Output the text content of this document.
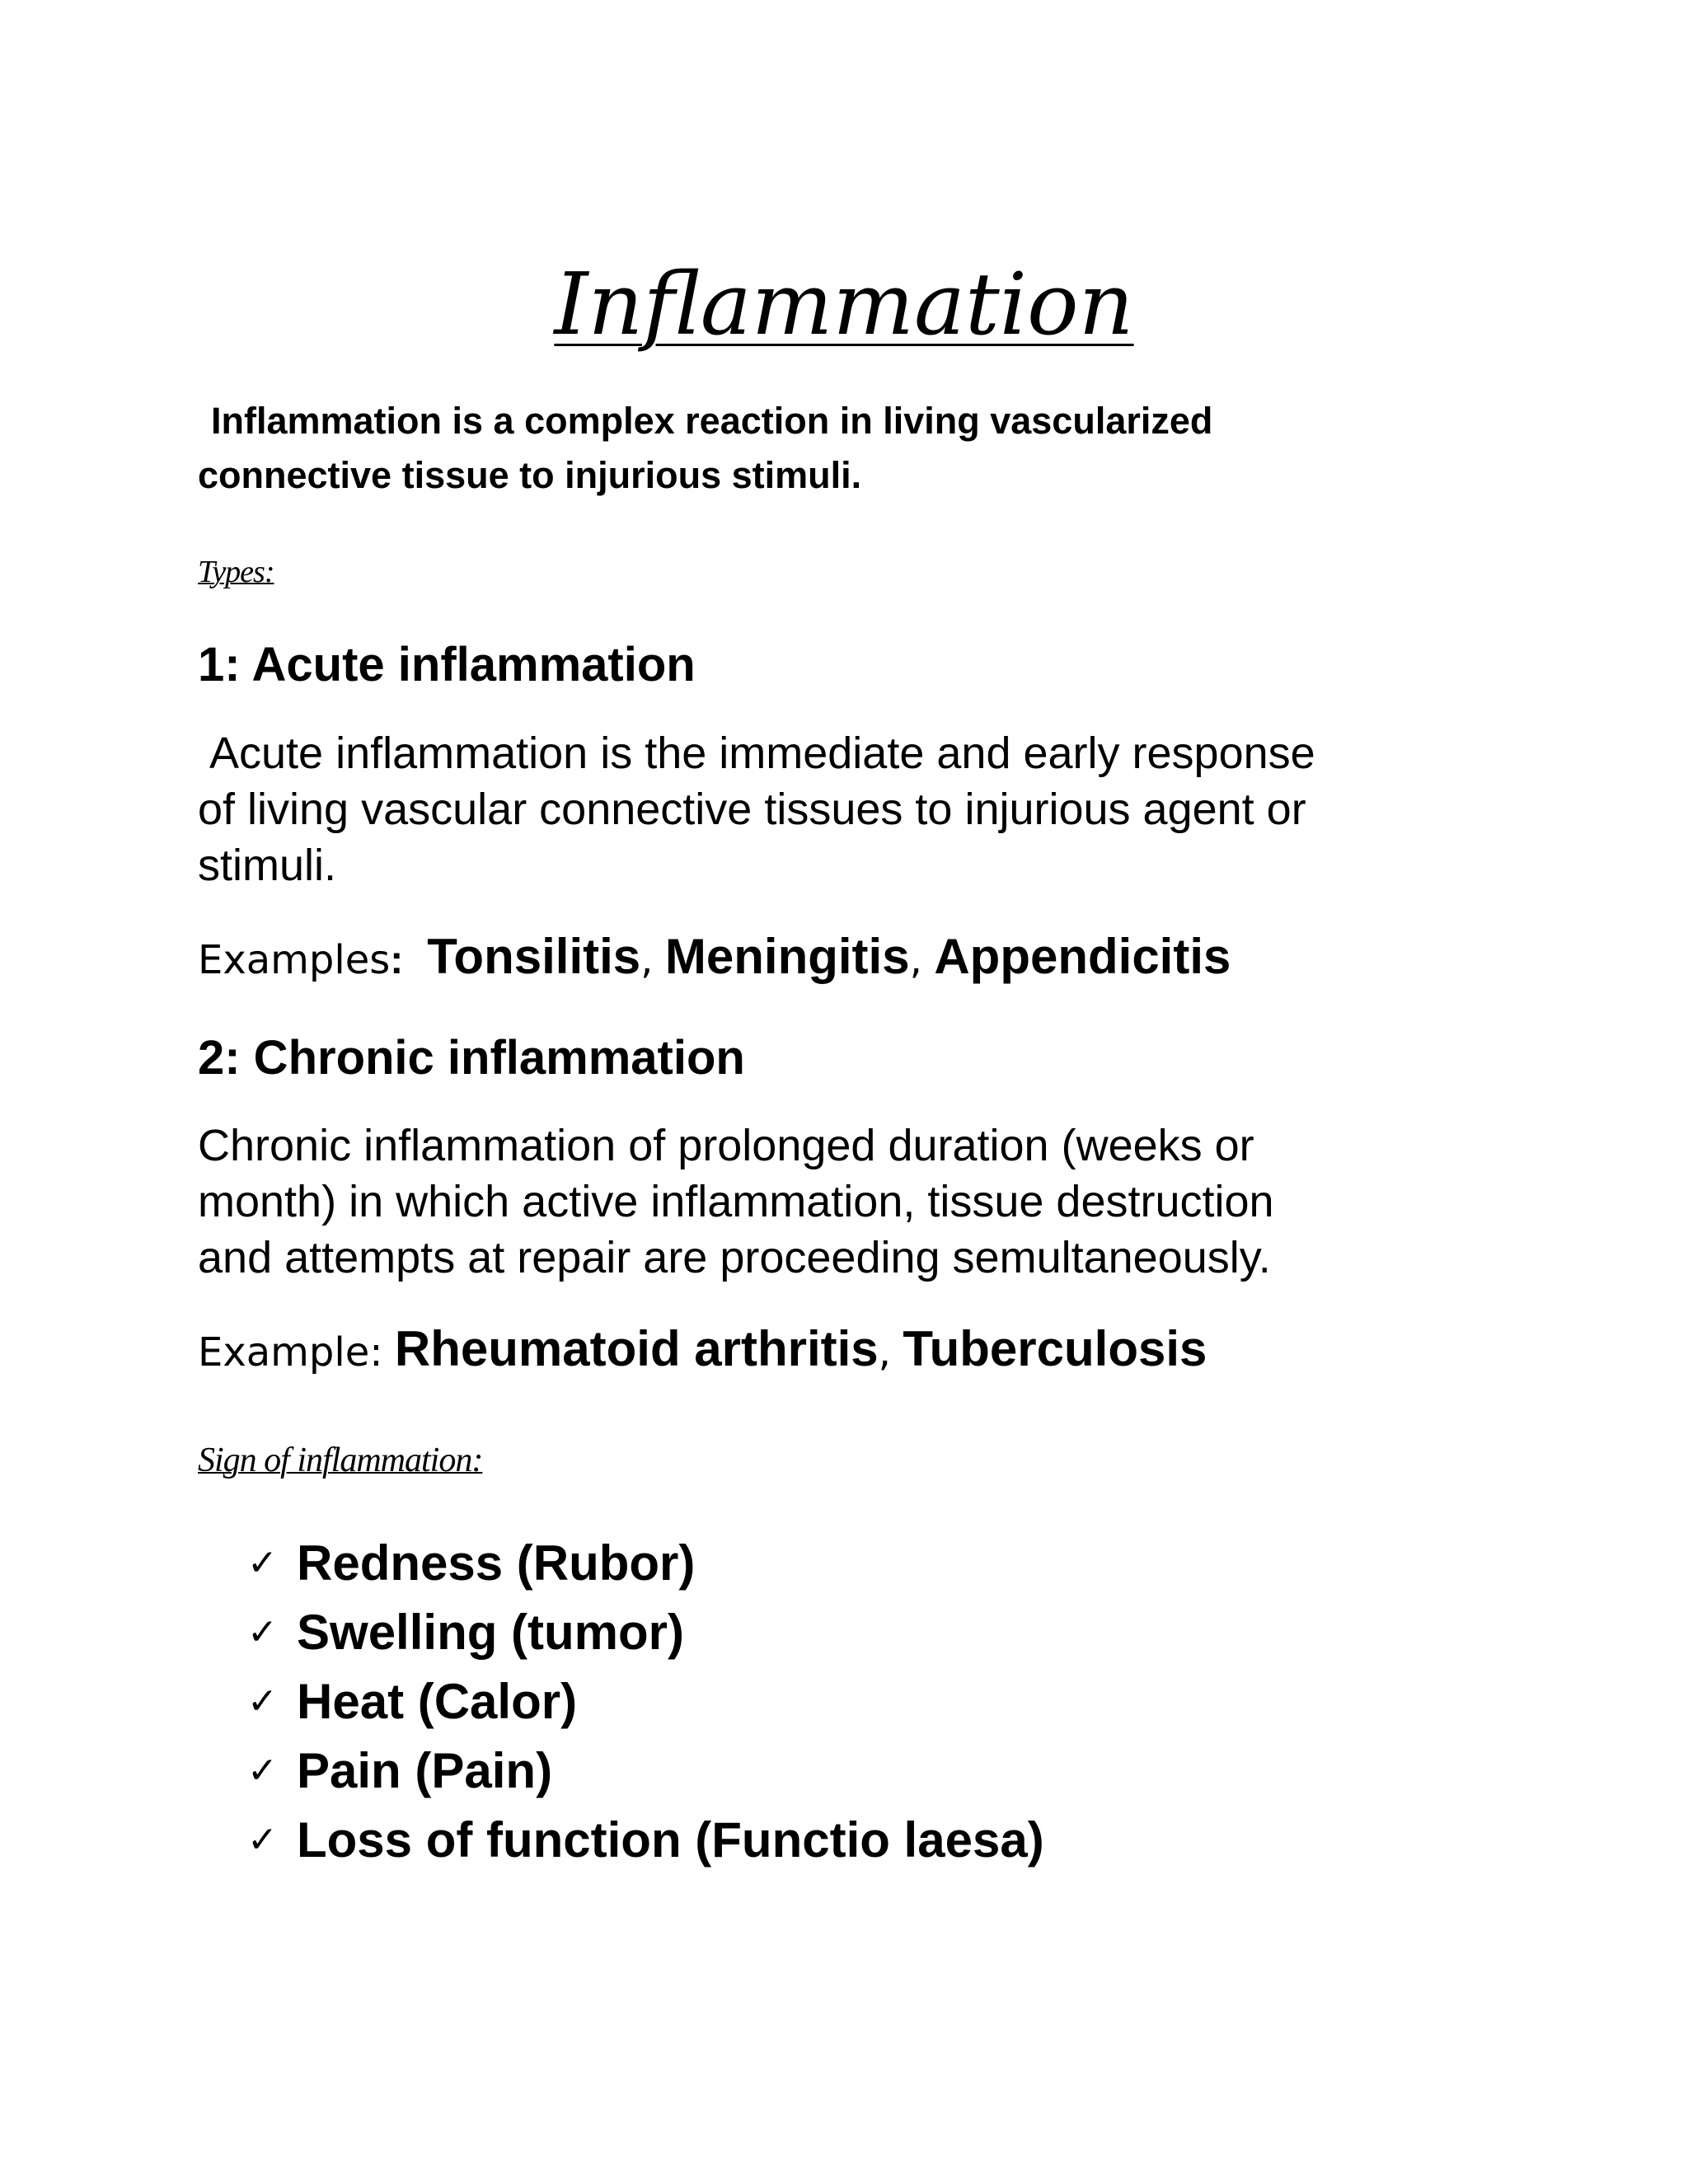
Inflammation
Inflammation is a complex reaction in living vascularized
connective tissue to injurious stimuli.
Types:
1: Acute inflammation
Acute inflammation is the immediate and early response
of living vascular connective tissues to injurious agent or
stimuli.
Examples: Tonsilitis, Meningitis, Appendicitis
2: Chronic inflammation
Chronic inflammation of prolonged duration (weeks or
month) in which active inflammation, tissue destruction
and attempts at repair are proceeding semultaneously.
Example: Rheumatoid arthritis, Tuberculosis
Sign of inflammation:
✓ Redness (Rubor)
✓ Swelling (tumor)
✓ Heat (Calor)
✓ Pain (Pain)
✓ Loss of function (Functio laesa)
